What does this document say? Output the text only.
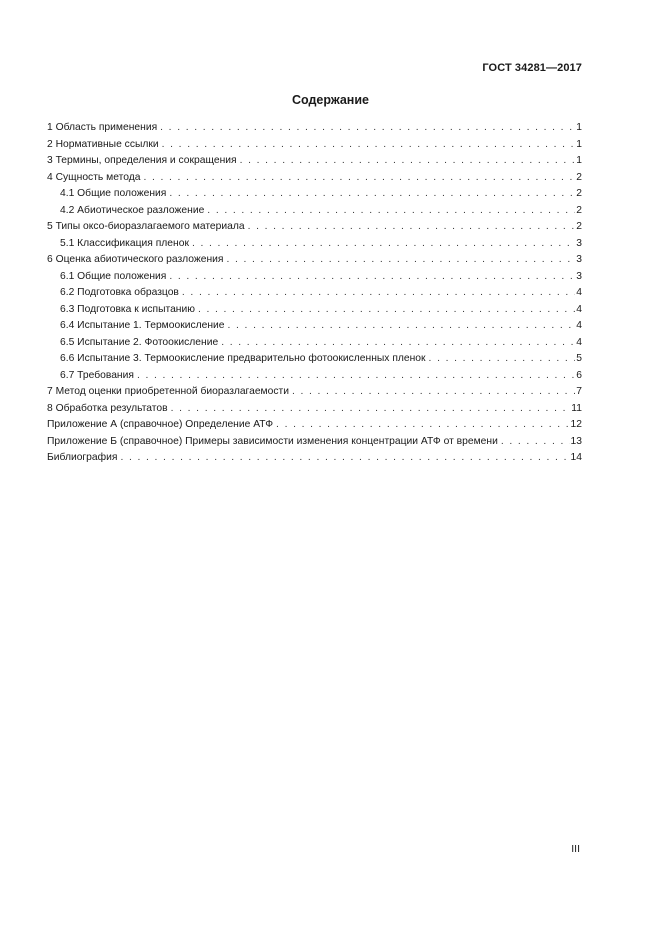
ГОСТ 34281—2017
Содержание
1 Область применения . . .	1
2 Нормативные ссылки . . .	1
3 Термины, определения и сокращения . . .	1
4 Сущность метода . . .	2
4.1 Общие положения . . .	2
4.2 Абиотическое разложение . . .	2
5 Типы оксо-биоразлагаемого материала . . .	2
5.1 Классификация пленок . . .	3
6 Оценка абиотического разложения . . .	3
6.1 Общие положения . . .	3
6.2 Подготовка образцов . . .	4
6.3 Подготовка к испытанию . . .	4
6.4 Испытание 1. Термоокисление . . .	4
6.5 Испытание 2. Фотоокисление . . .	4
6.6 Испытание 3. Термоокисление предварительно фотоокисленных пленок . . .	5
6.7 Требования . . .	6
7 Метод оценки приобретенной биоразлагаемости . . .	7
8 Обработка результатов . . .	11
Приложение А (справочное) Определение АТФ . . .	12
Приложение Б (справочное) Примеры зависимости изменения концентрации АТФ от времени . . .	13
Библиография . . .	14
III
